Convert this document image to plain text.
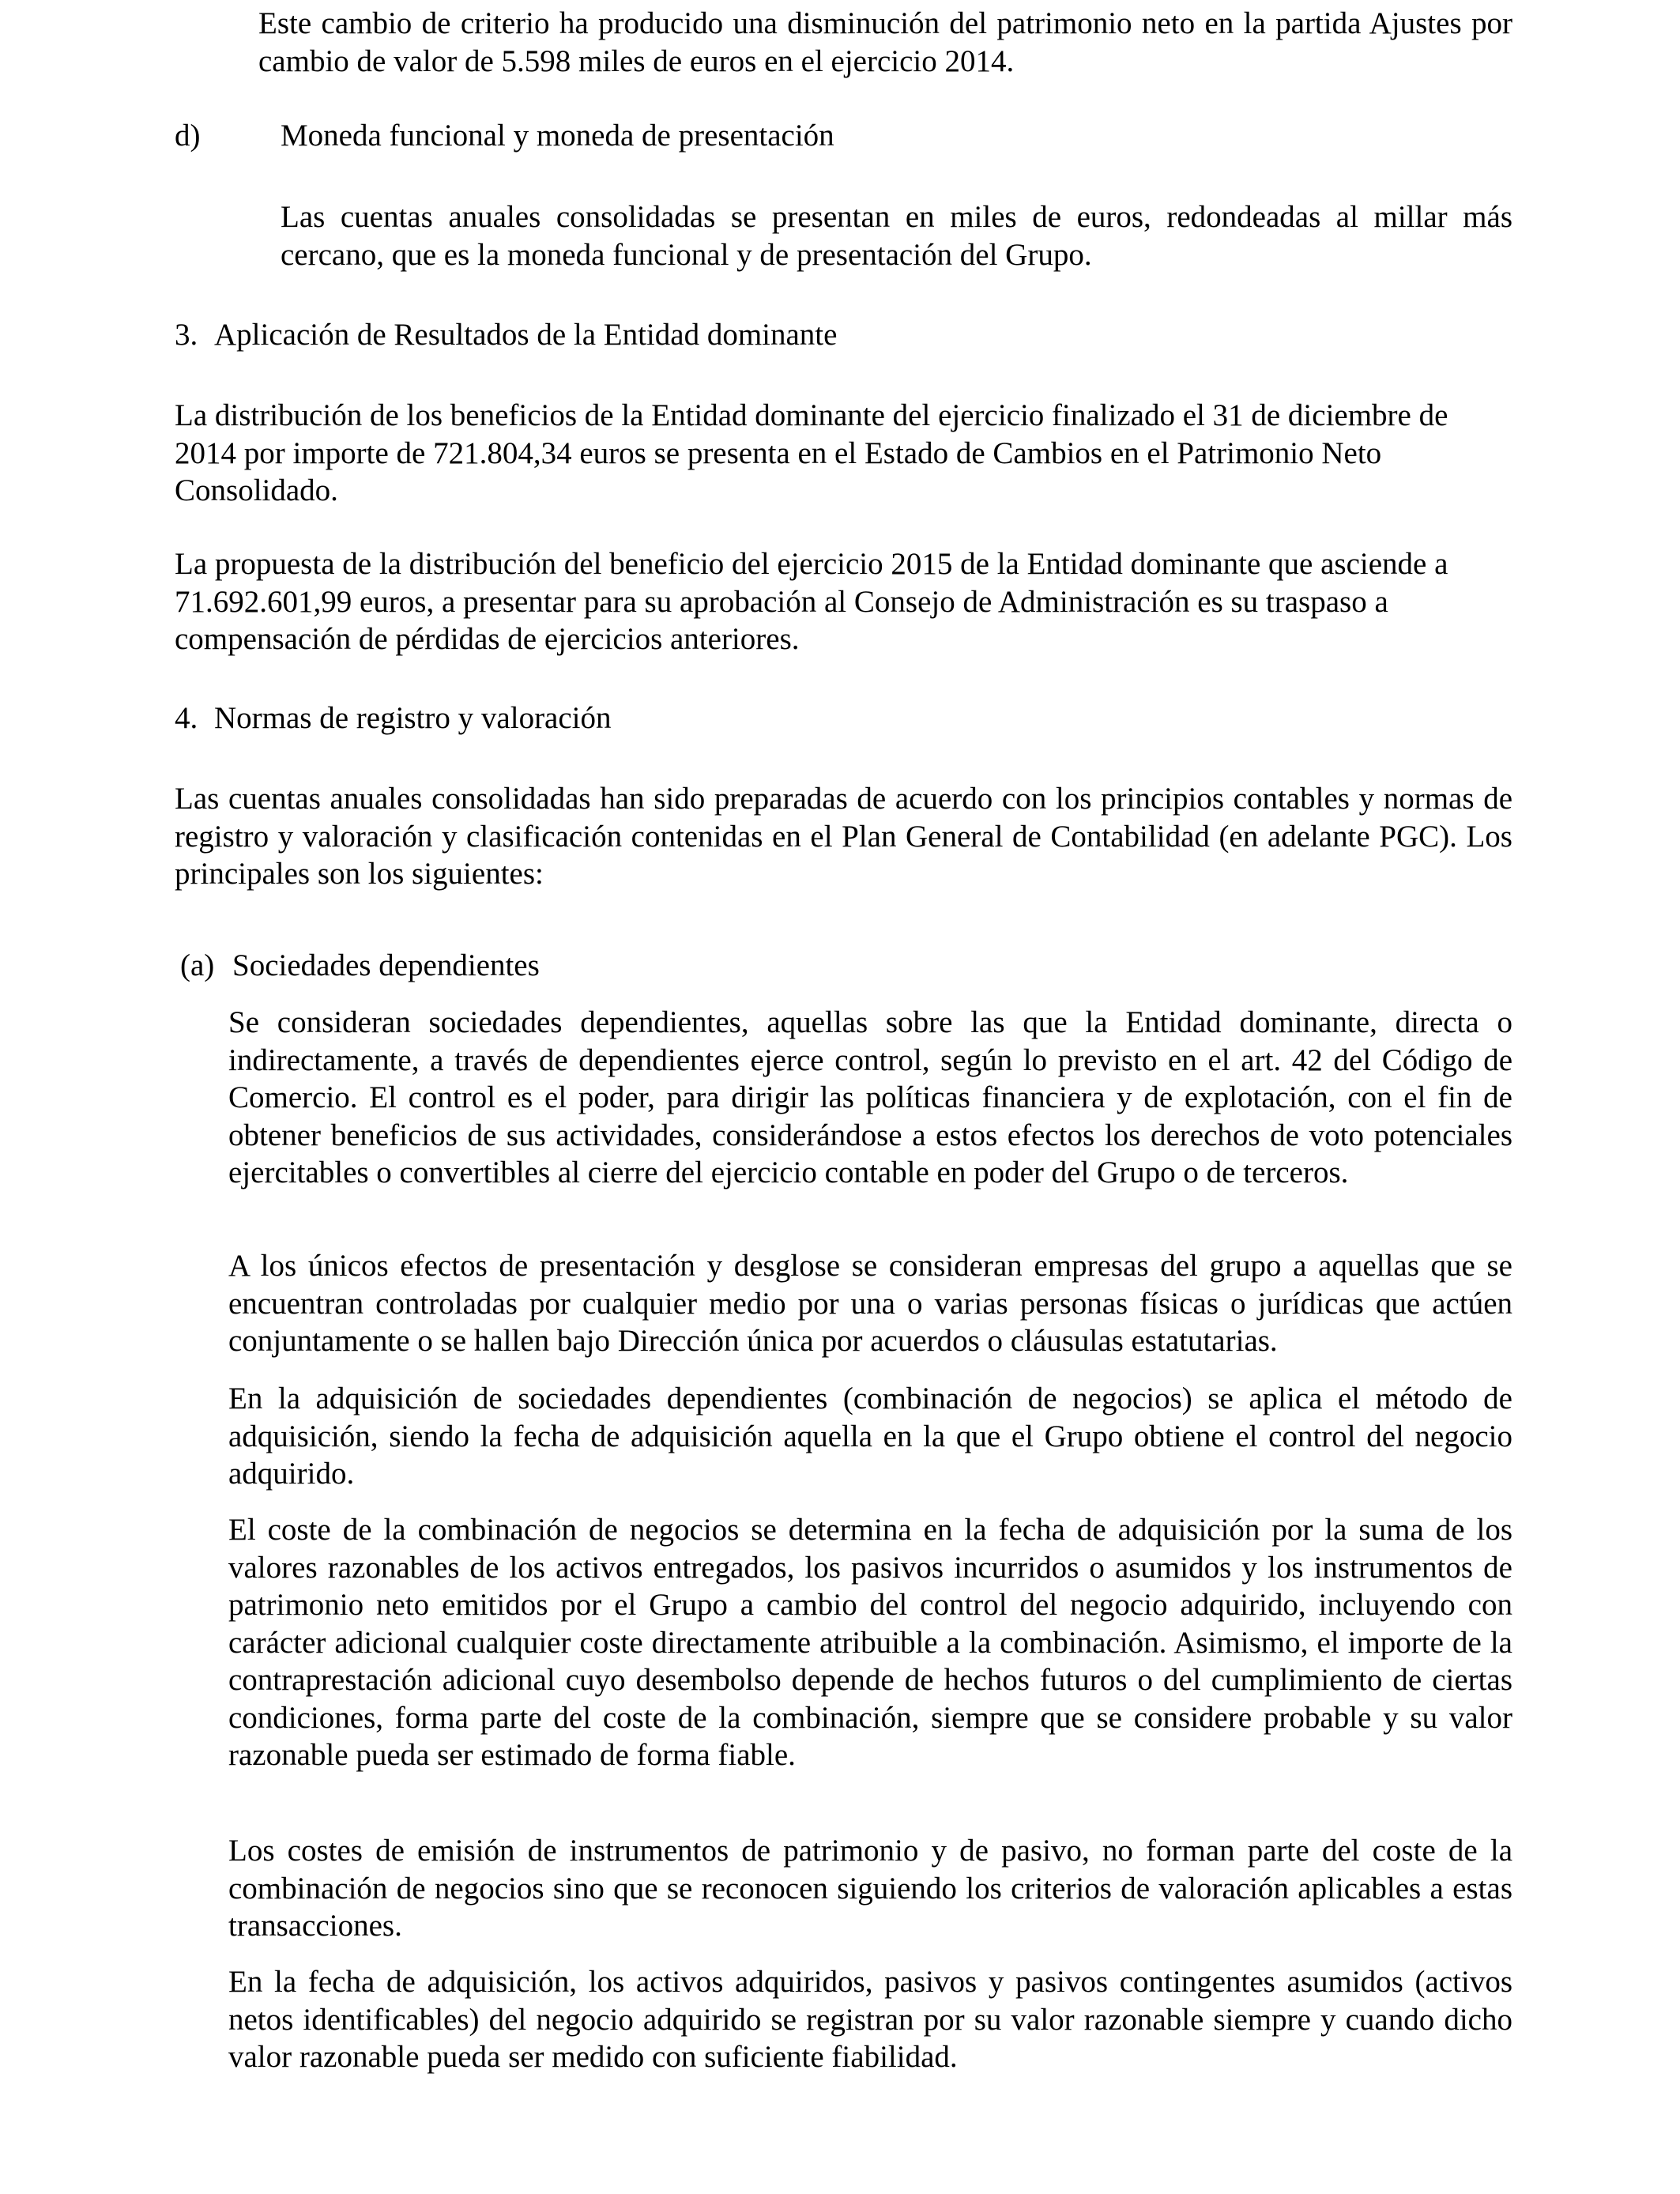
Este cambio de criterio ha producido una disminución del patrimonio neto en la partida Ajustes por cambio de valor de 5.598 miles de euros en el ejercicio 2014.

d)	Moneda funcional y moneda de presentación

Las cuentas anuales consolidadas se presentan en miles de euros, redondeadas al millar más cercano, que es la moneda funcional y de presentación del Grupo.

3. Aplicación de Resultados de la Entidad dominante

La distribución de los beneficios de la Entidad dominante del ejercicio finalizado el 31 de diciembre de 2014 por importe de 721.804,34 euros se presenta en el Estado de Cambios en el Patrimonio Neto Consolidado.

La propuesta de la distribución del beneficio del ejercicio 2015 de la Entidad dominante que asciende a 71.692.601,99 euros, a presentar para su aprobación al Consejo de Administración es su traspaso a compensación de pérdidas de ejercicios anteriores.

4. Normas de registro y valoración

Las cuentas anuales consolidadas han sido preparadas de acuerdo con los principios contables y normas de registro y valoración y clasificación contenidas en el Plan General de Contabilidad (en adelante PGC). Los principales son los siguientes:

(a) Sociedades dependientes

Se consideran sociedades dependientes, aquellas sobre las que la Entidad dominante, directa o indirectamente, a través de dependientes ejerce control, según lo previsto en el art. 42 del Código de Comercio. El control es el poder, para dirigir las políticas financiera y de explotación, con el fin de obtener beneficios de sus actividades, considerándose a estos efectos los derechos de voto potenciales ejercitables o convertibles al cierre del ejercicio contable en poder del Grupo o de terceros.

A los únicos efectos de presentación y desglose se consideran empresas del grupo a aquellas que se encuentran controladas por cualquier medio por una o varias personas físicas o jurídicas que actúen conjuntamente o se hallen bajo Dirección única por acuerdos o cláusulas estatutarias.

En la adquisición de sociedades dependientes (combinación de negocios) se aplica el método de adquisición, siendo la fecha de adquisición aquella en la que el Grupo obtiene el control del negocio adquirido.

El coste de la combinación de negocios se determina en la fecha de adquisición por la suma de los valores razonables de los activos entregados, los pasivos incurridos o asumidos y los instrumentos de patrimonio neto emitidos por el Grupo a cambio del control del negocio adquirido, incluyendo con carácter adicional cualquier coste directamente atribuible a la combinación. Asimismo, el importe de la contraprestación adicional cuyo desembolso depende de hechos futuros o del cumplimiento de ciertas condiciones, forma parte del coste de la combinación, siempre que se considere probable y su valor razonable pueda ser estimado de forma fiable.

Los costes de emisión de instrumentos de patrimonio y de pasivo, no forman parte del coste de la combinación de negocios sino que se reconocen siguiendo los criterios de valoración aplicables a estas transacciones.

En la fecha de adquisición, los activos adquiridos, pasivos y pasivos contingentes asumidos (activos netos identificables) del negocio adquirido se registran por su valor razonable siempre y cuando dicho valor razonable pueda ser medido con suficiente fiabilidad.
